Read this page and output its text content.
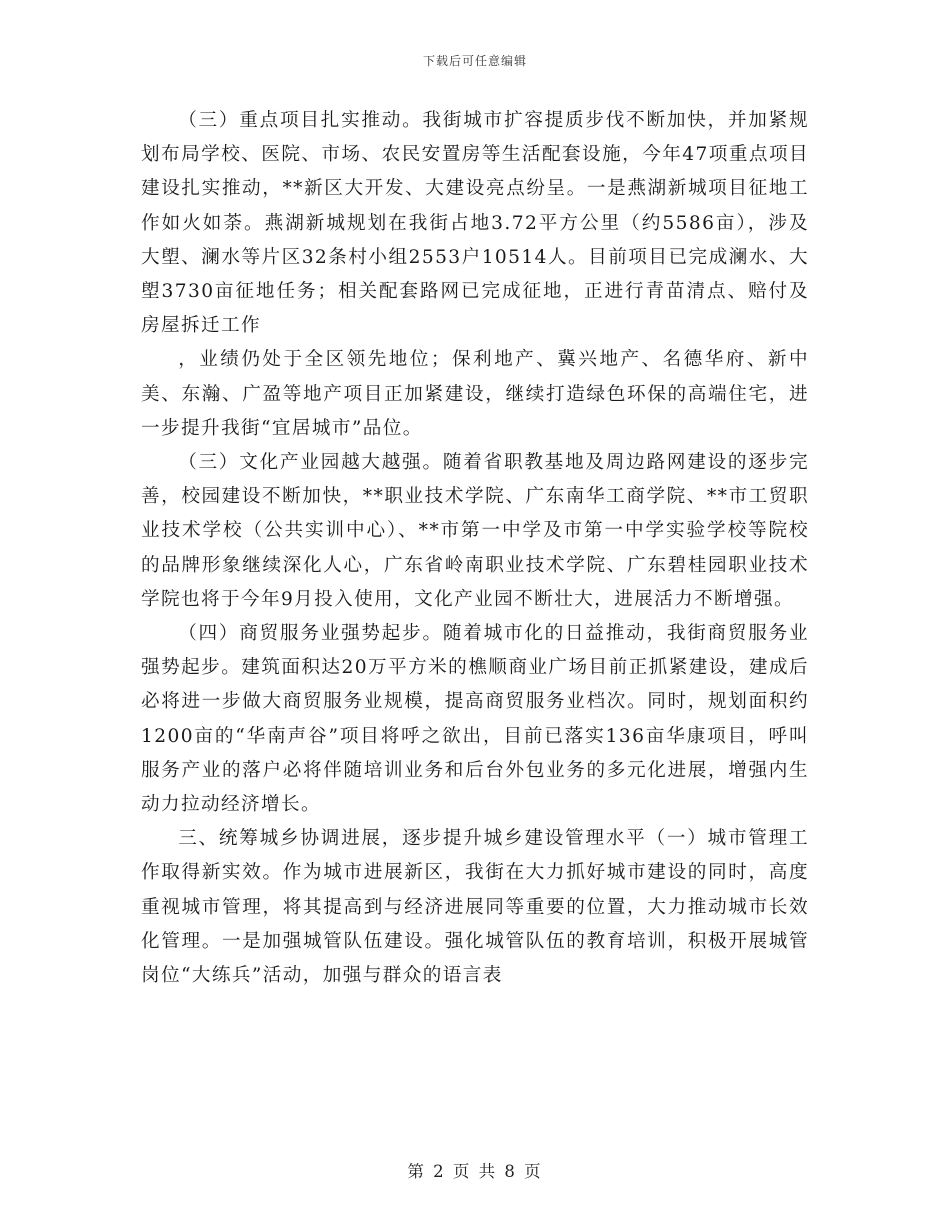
下载后可任意编辑

（三）重点项目扎实推动。我街城市扩容提质步伐不断加快，并加紧规划布局学校、医院、市场、农民安置房等生活配套设施，今年47项重点项目建设扎实推动，**新区大开发、大建设亮点纷呈。一是燕湖新城项目征地工作如火如荼。燕湖新城规划在我街占地3.72平方公里（约5586亩），涉及大塱、澜水等片区32条村小组2553户10514人。目前项目已完成澜水、大塱3730亩征地任务；相关配套路网已完成征地，正进行青苗清点、赔付及房屋拆迁工作

，业绩仍处于全区领先地位；保利地产、冀兴地产、名德华府、新中美、东瀚、广盈等地产项目正加紧建设，继续打造绿色环保的高端住宅，进一步提升我街“宜居城市”品位。

（三）文化产业园越大越强。随着省职教基地及周边路网建设的逐步完善，校园建设不断加快，**职业技术学院、广东南华工商学院、**市工贸职业技术学校（公共实训中心）、**市第一中学及市第一中学实验学校等院校的品牌形象继续深化人心，广东省岭南职业技术学院、广东碧桂园职业技术学院也将于今年9月投入使用，文化产业园不断壮大，进展活力不断增强。

（四）商贸服务业强势起步。随着城市化的日益推动，我街商贸服务业强势起步。建筑面积达20万平方米的樵顺商业广场目前正抓紧建设，建成后必将进一步做大商贸服务业规模，提高商贸服务业档次。同时，规划面积约1200亩的“华南声谷”项目将呼之欲出，目前已落实136亩华康项目，呼叫服务产业的落户必将伴随培训业务和后台外包业务的多元化进展，增强内生动力拉动经济增长。

三、统筹城乡协调进展，逐步提升城乡建设管理水平（一）城市管理工作取得新实效。作为城市进展新区，我街在大力抓好城市建设的同时，高度重视城市管理，将其提高到与经济进展同等重要的位置，大力推动城市长效化管理。一是加强城管队伍建设。强化城管队伍的教育培训，积极开展城管岗位“大练兵”活动，加强与群众的语言表

第 2 页 共 8 页
